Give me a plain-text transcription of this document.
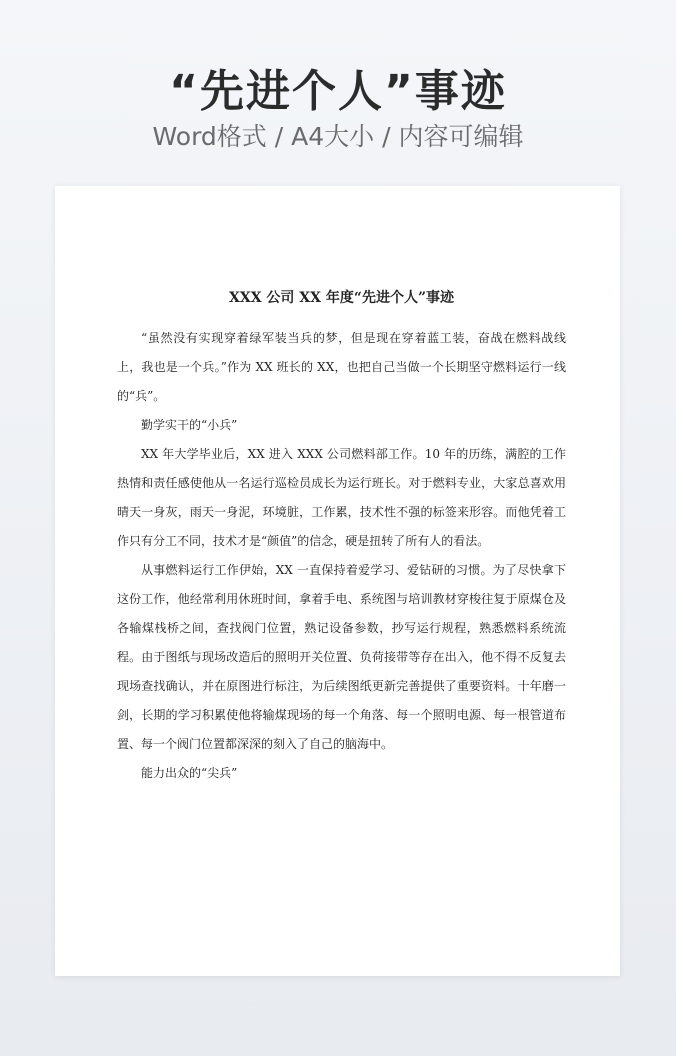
“先进个人”事迹
Word格式 / A4大小 / 内容可编辑
XXX 公司 XX 年度“先进个人”事迹

“虽然没有实现穿着绿军装当兵的梦，但是现在穿着蓝工装，奋战在燃料战线上，我也是一个兵。”作为 XX 班长的 XX，也把自己当做一个长期坚守燃料运行一线的“兵”。

勤学实干的“小兵”

XX 年大学毕业后，XX 进入 XXX 公司燃料部工作。10 年的历练，满腔的工作热情和责任感使他从一名运行巡检员成长为运行班长。对于燃料专业，大家总喜欢用晴天一身灰，雨天一身泥，环境脏，工作累，技术性不强的标签来形容。而他凭着工作只有分工不同，技术才是“颜值”的信念，硬是扭转了所有人的看法。

从事燃料运行工作伊始，XX 一直保持着爱学习、爱钻研的习惯。为了尽快拿下这份工作，他经常利用休班时间，拿着手电、系统图与培训教材穿梭往复于原煤仓及各输煤栈桥之间，查找阀门位置，熟记设备参数，抄写运行规程，熟悉燃料系统流程。由于图纸与现场改造后的照明开关位置、负荷接带等存在出入，他不得不反复去现场查找确认，并在原图进行标注，为后续图纸更新完善提供了重要资料。十年磨一剑，长期的学习积累使他将输煤现场的每一个角落、每一个照明电源、每一根管道布置、每一个阀门位置都深深的刻入了自己的脑海中。

能力出众的“尖兵”
